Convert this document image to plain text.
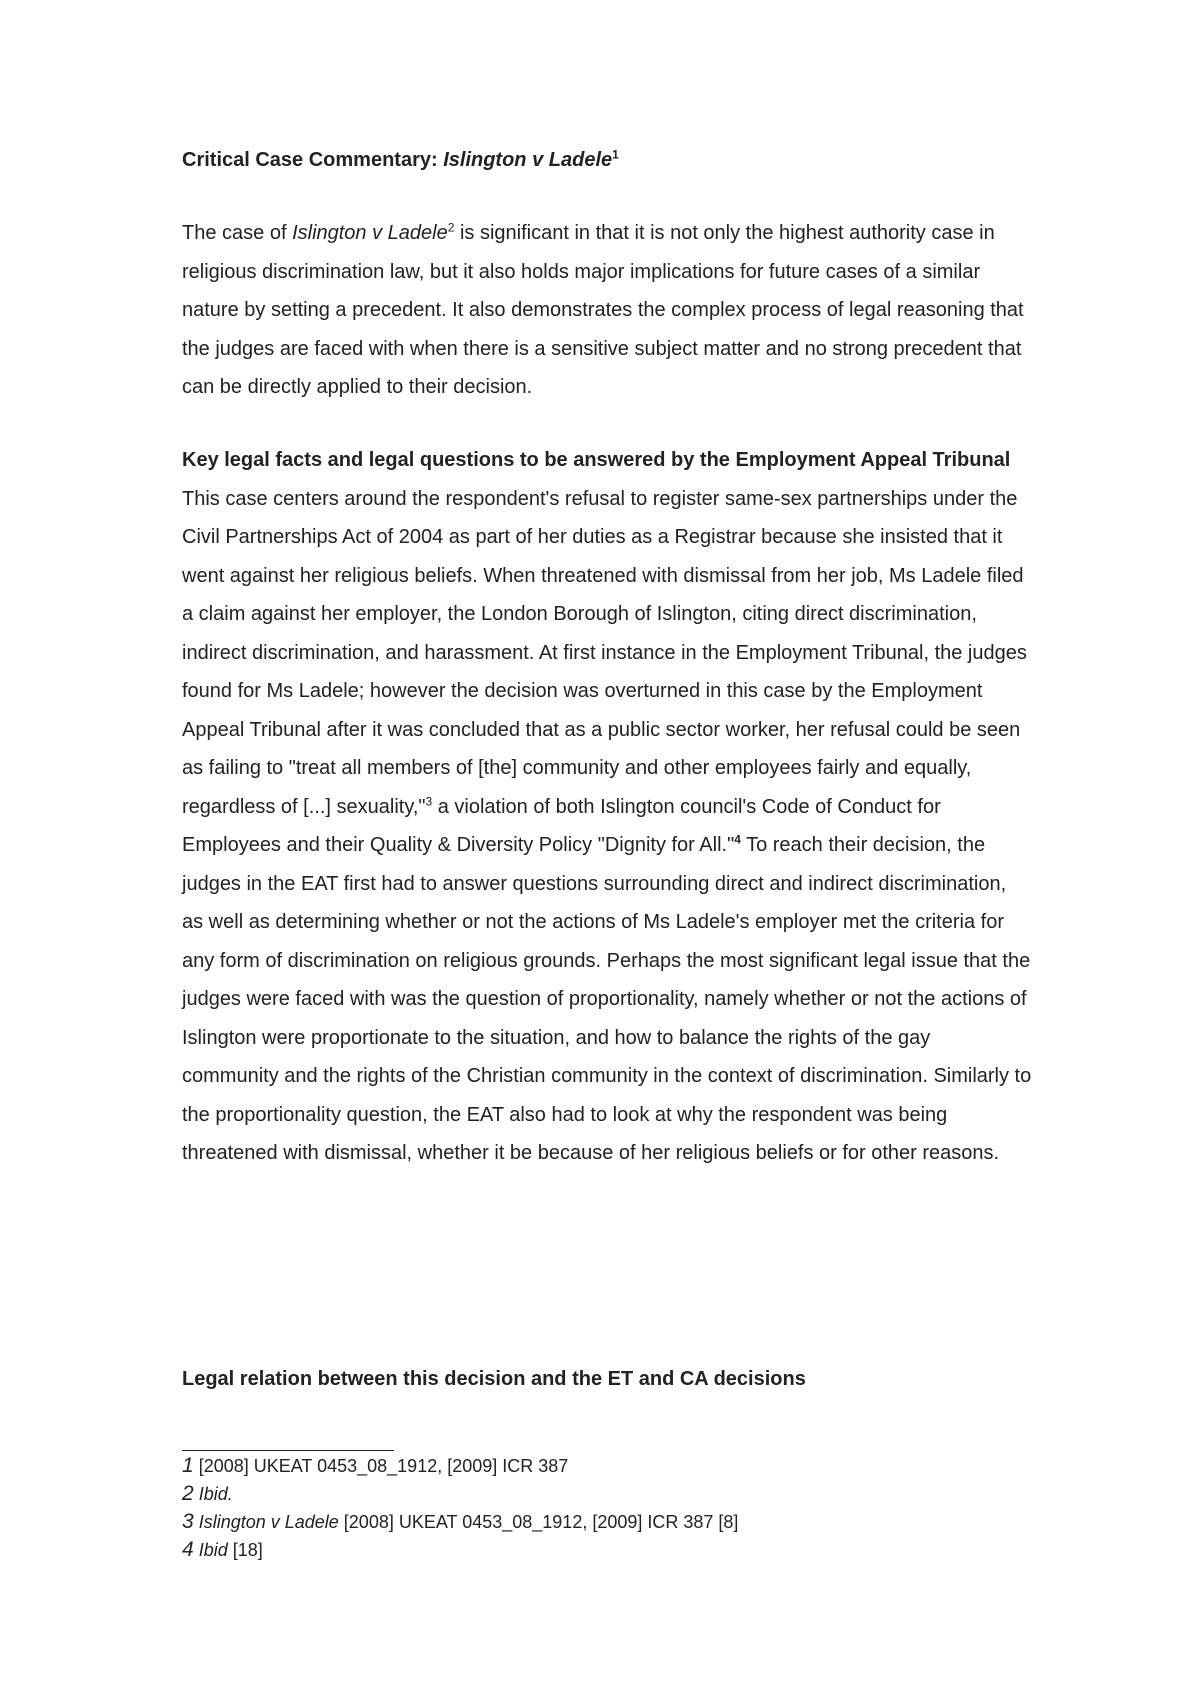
Critical Case Commentary: Islington v Ladele$^1$

The case of Islington v Ladele$^2$ is significant in that it is not only the highest authority case in religious discrimination law, but it also holds major implications for future cases of a similar nature by setting a precedent. It also demonstrates the complex process of legal reasoning that the judges are faced with when there is a sensitive subject matter and no strong precedent that can be directly applied to their decision.

Key legal facts and legal questions to be answered by the Employment Appeal Tribunal

This case centers around the respondent's refusal to register same-sex partnerships under the Civil Partnerships Act of 2004 as part of her duties as a Registrar because she insisted that it went against her religious beliefs. When threatened with dismissal from her job, Ms Ladele filed a claim against her employer, the London Borough of Islington, citing direct discrimination, indirect discrimination, and harassment. At first instance in the Employment Tribunal, the judges found for Ms Ladele; however the decision was overturned in this case by the Employment Appeal Tribunal after it was concluded that as a public sector worker, her refusal could be seen as failing to "treat all members of [the] community and other employees fairly and equally, regardless of [...] sexuality,"$^3$ a violation of both Islington council's Code of Conduct for Employees and their Quality & Diversity Policy "Dignity for All."$^4$ To reach their decision, the judges in the EAT first had to answer questions surrounding direct and indirect discrimination, as well as determining whether or not the actions of Ms Ladele's employer met the criteria for any form of discrimination on religious grounds. Perhaps the most significant legal issue that the judges were faced with was the question of proportionality, namely whether or not the actions of Islington were proportionate to the situation, and how to balance the rights of the gay community and the rights of the Christian community in the context of discrimination. Similarly to the proportionality question, the EAT also had to look at why the respondent was being threatened with dismissal, whether it be because of her religious beliefs or for other reasons.

Legal relation between this decision and the ET and CA decisions
1 [2008] UKEAT 0453_08_1912, [2009] ICR 387
2 Ibid.
3 Islington v Ladele [2008] UKEAT 0453_08_1912, [2009] ICR 387 [8]
4 Ibid [18]
